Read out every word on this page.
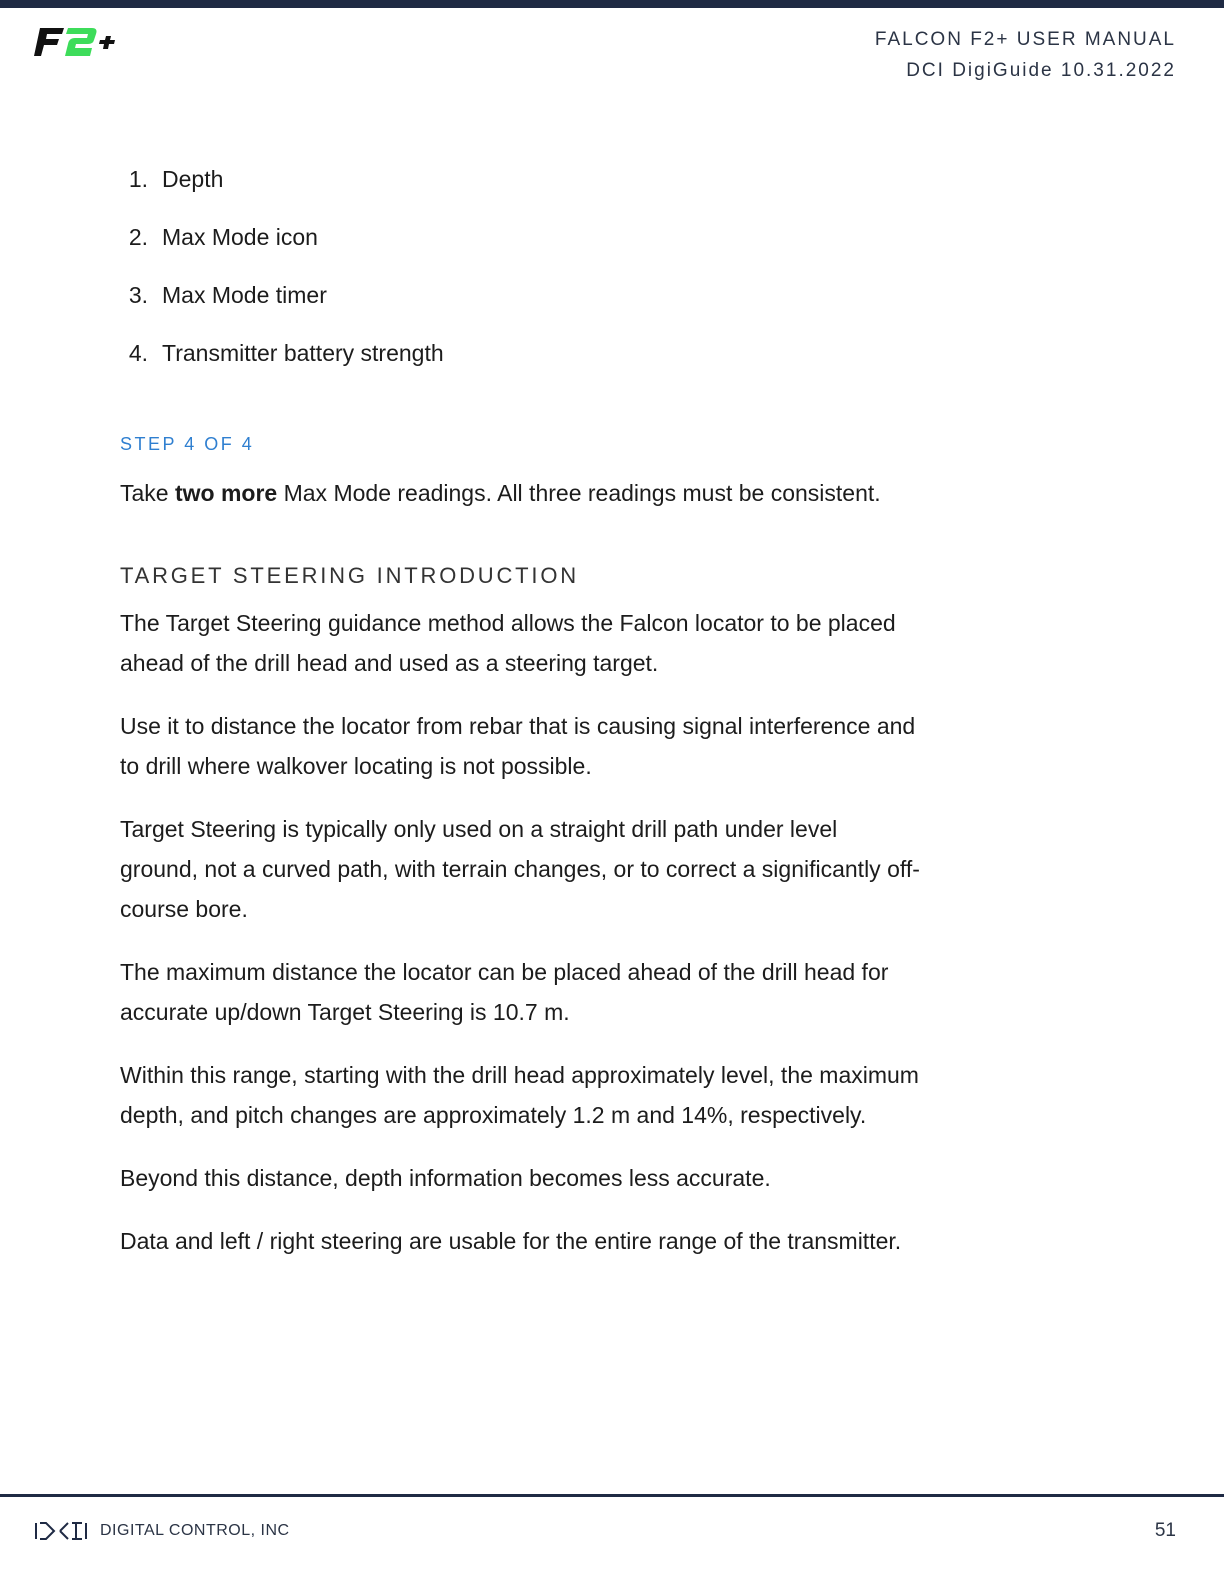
FALCON F2+ USER MANUAL
DCI DigiGuide 10.31.2022
1. Depth
2. Max Mode icon
3. Max Mode timer
4. Transmitter battery strength
STEP 4 OF 4
Take two more Max Mode readings. All three readings must be consistent.
TARGET STEERING INTRODUCTION

The Target Steering guidance method allows the Falcon locator to be placed ahead of the drill head and used as a steering target.

Use it to distance the locator from rebar that is causing signal interference and to drill where walkover locating is not possible.

Target Steering is typically only used on a straight drill path under level ground, not a curved path, with terrain changes, or to correct a significantly off-course bore.

The maximum distance the locator can be placed ahead of the drill head for accurate up/down Target Steering is 10.7 m.

Within this range, starting with the drill head approximately level, the maximum depth, and pitch changes are approximately 1.2 m and 14%, respectively.

Beyond this distance, depth information becomes less accurate.

Data and left / right steering are usable for the entire range of the transmitter.

DIGITAL CONTROL, INC	51
